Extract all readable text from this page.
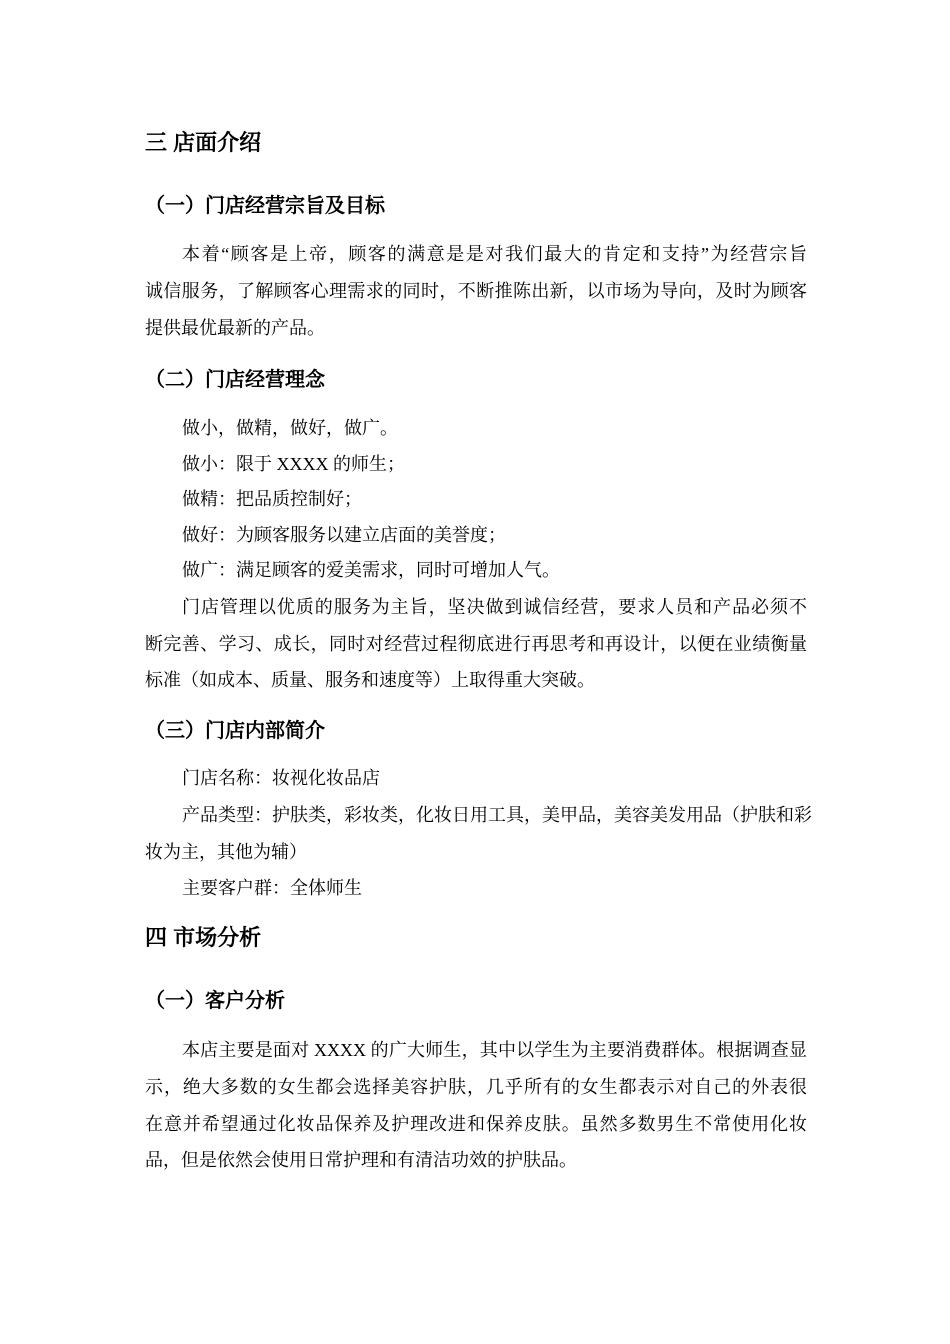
三 店面介绍
（一）门店经营宗旨及目标
本着“顾客是上帝，顾客的满意是是对我们最大的肯定和支持”为经营宗旨
诚信服务，了解顾客心理需求的同时，不断推陈出新，以市场为导向，及时为顾客
提供最优最新的产品。
（二）门店经营理念
做小，做精，做好，做广。
做小：限于 XXXX 的师生；
做精：把品质控制好；
做好：为顾客服务以建立店面的美誉度；
做广：满足顾客的爱美需求，同时可增加人气。
门店管理以优质的服务为主旨，坚决做到诚信经营，要求人员和产品必须不
断完善、学习、成长，同时对经营过程彻底进行再思考和再设计，以便在业绩衡量
标准（如成本、质量、服务和速度等）上取得重大突破。
（三）门店内部简介
门店名称：妆视化妆品店
产品类型：护肤类，彩妆类，化妆日用工具，美甲品，美容美发用品（护肤和彩
妆为主，其他为辅）
主要客户群：全体师生
四 市场分析
（一）客户分析
本店主要是面对 XXXX 的广大师生，其中以学生为主要消费群体。根据调查显
示，绝大多数的女生都会选择美容护肤，几乎所有的女生都表示对自己的外表很
在意并希望通过化妆品保养及护理改进和保养皮肤。虽然多数男生不常使用化妆
品，但是依然会使用日常护理和有清洁功效的护肤品。
